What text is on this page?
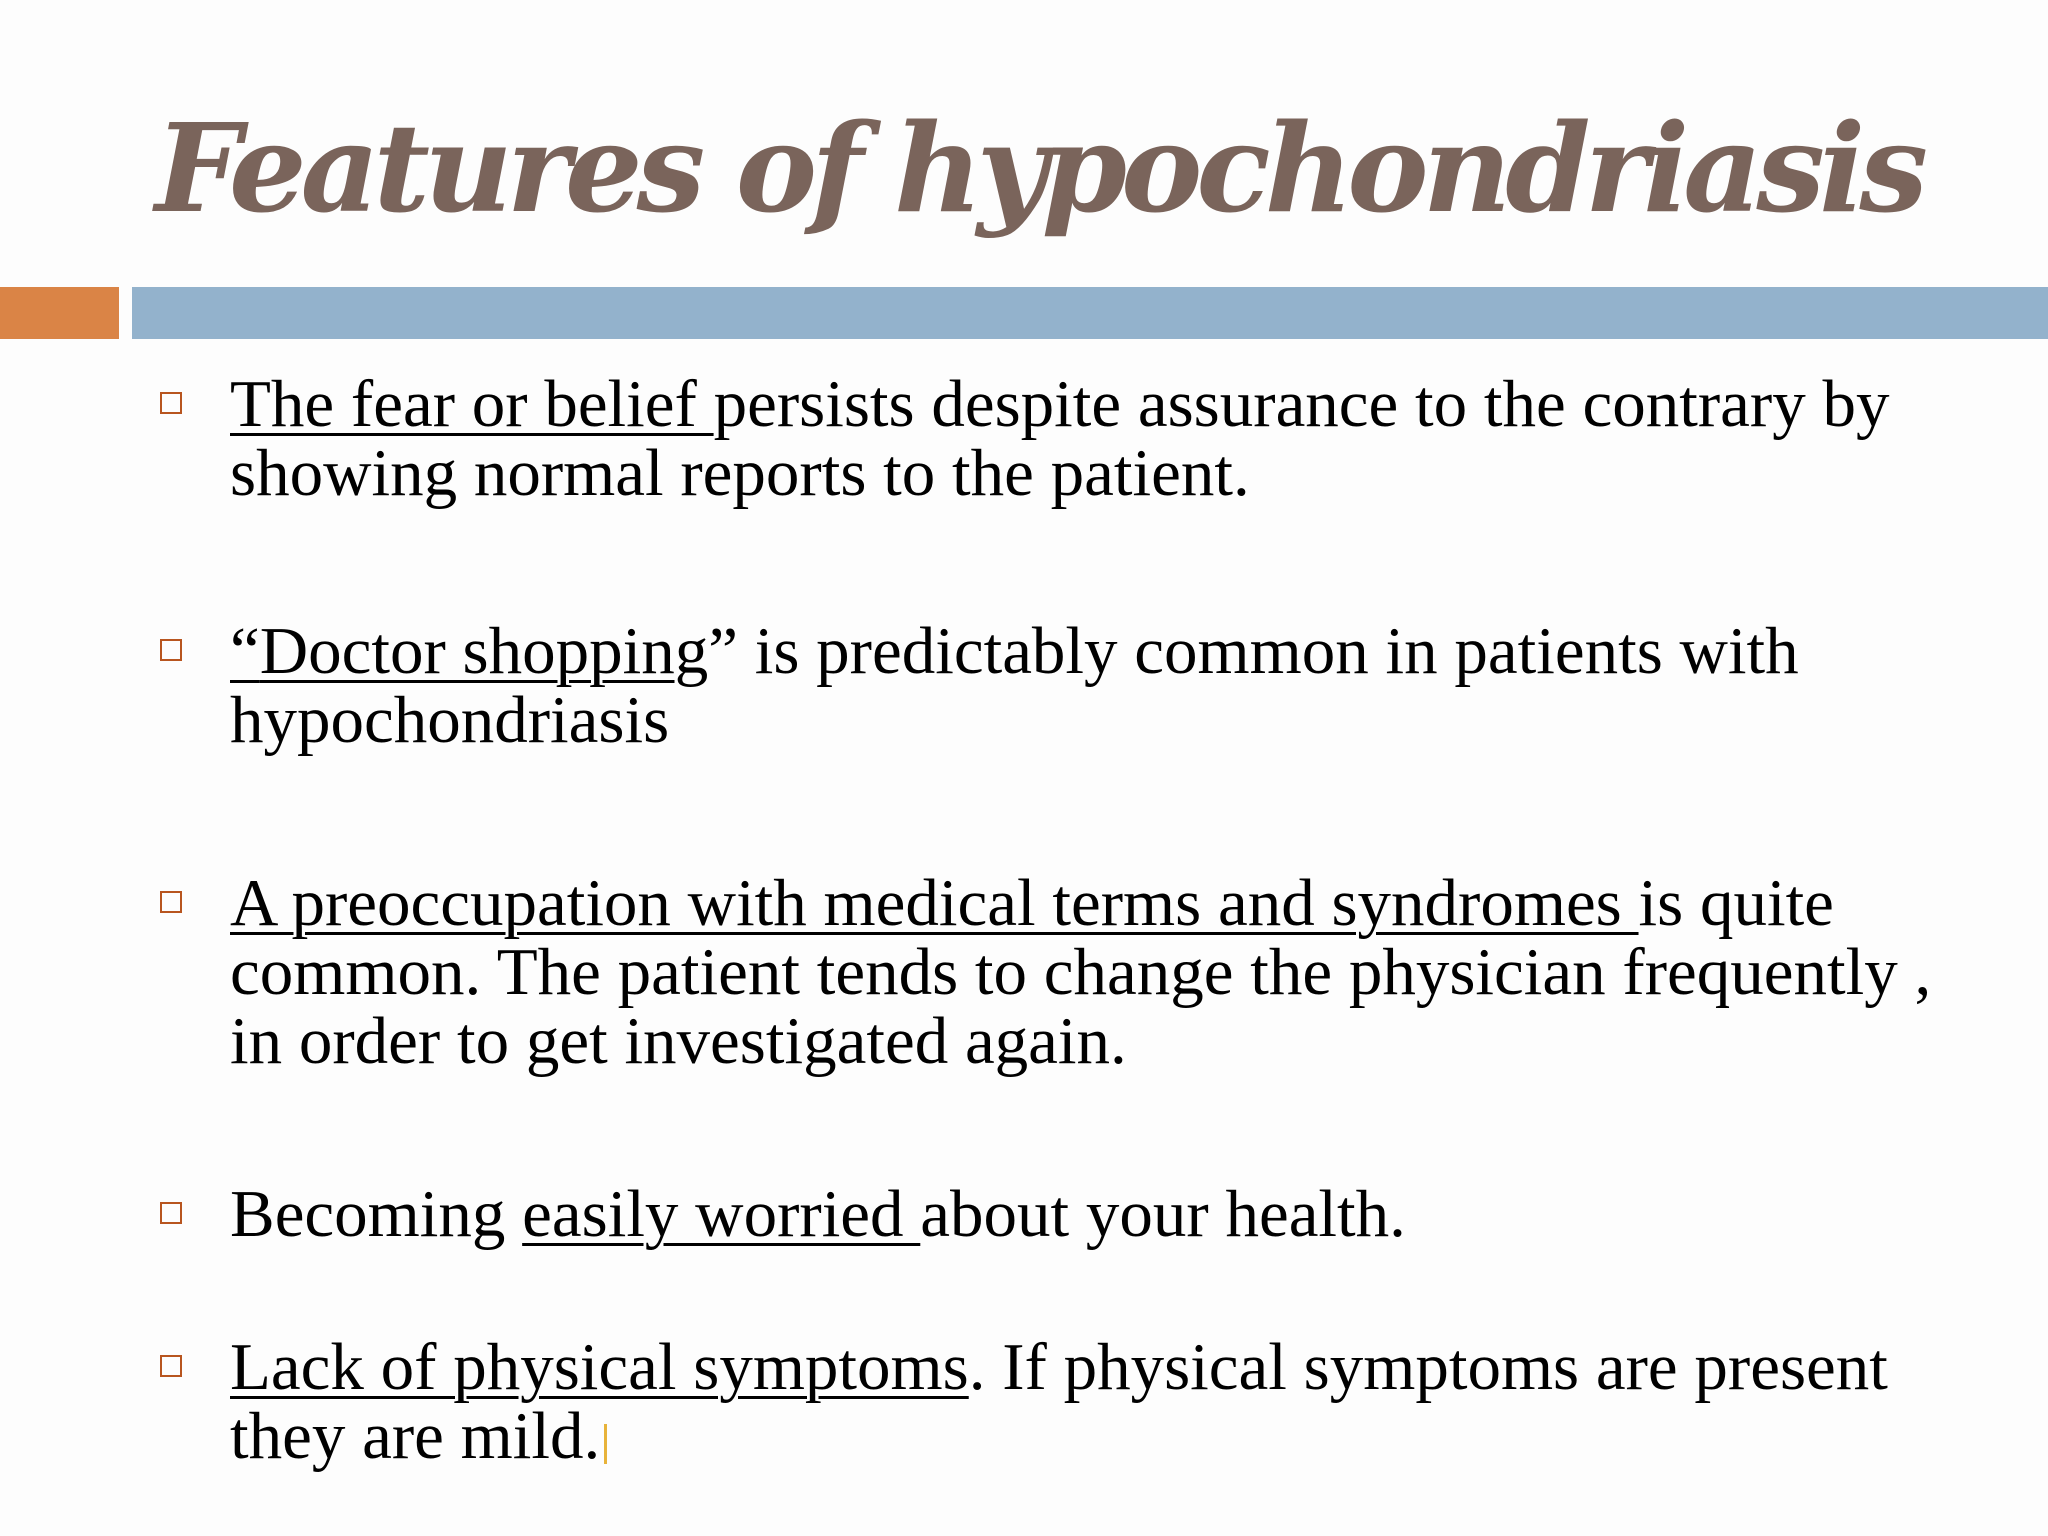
Features of hypochondriasis

The fear or belief persists despite assurance to the contrary by showing normal reports to the patient.

“Doctor shopping” is predictably common in patients with hypochondriasis

A preoccupation with medical terms and syndromes is quite common. The patient tends to change the physician frequently , in order to get investigated again.

Becoming easily worried about your health.

Lack of physical symptoms. If physical symptoms are present they are mild.
